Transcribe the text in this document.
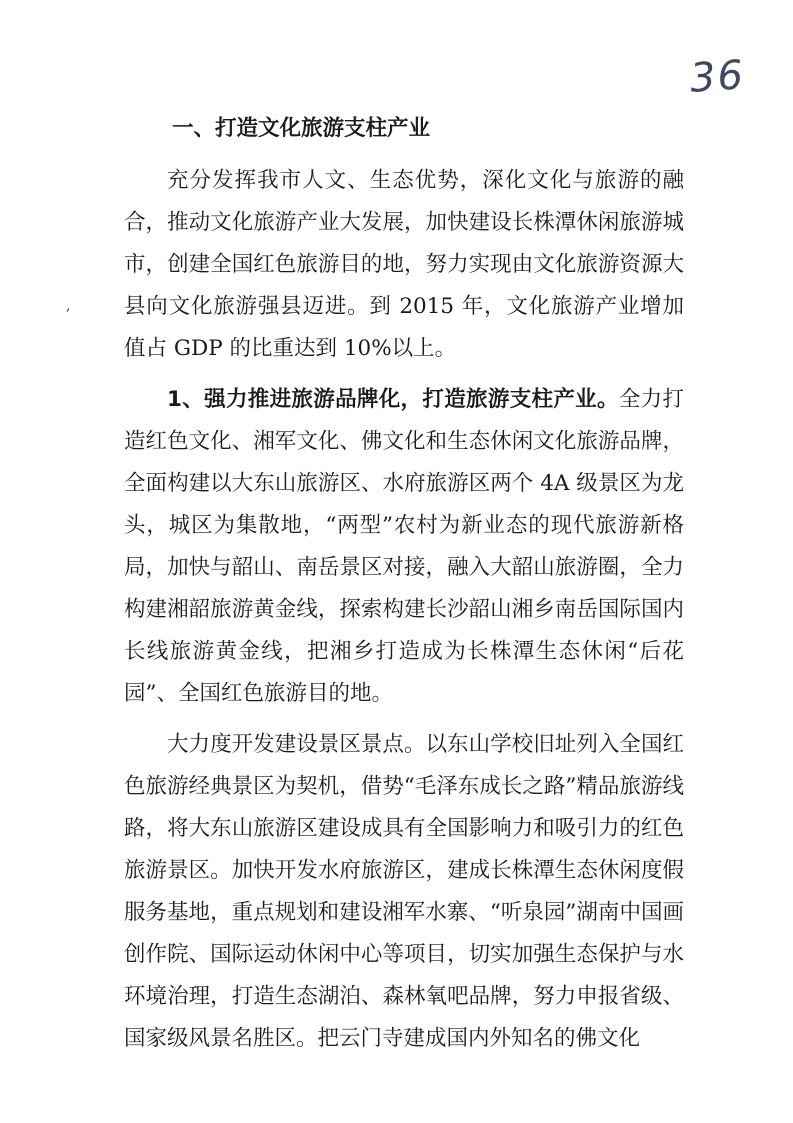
36
,
一、打造文化旅游支柱产业

充分发挥我市人文、生态优势，深化文化与旅游的融合，推动文化旅游产业大发展，加快建设长株潭休闲旅游城市，创建全国红色旅游目的地，努力实现由文化旅游资源大县向文化旅游强县迈进。到 2015 年，文化旅游产业增加值占 GDP 的比重达到 10%以上。

1、强力推进旅游品牌化，打造旅游支柱产业。全力打造红色文化、湘军文化、佛文化和生态休闲文化旅游品牌，全面构建以大东山旅游区、水府旅游区两个 4A 级景区为龙头，城区为集散地，“两型”农村为新业态的现代旅游新格局，加快与韶山、南岳景区对接，融入大韶山旅游圈，全力构建湘韶旅游黄金线，探索构建长沙韶山湘乡南岳国际国内长线旅游黄金线，把湘乡打造成为长株潭生态休闲“后花园”、全国红色旅游目的地。

大力度开发建设景区景点。以东山学校旧址列入全国红色旅游经典景区为契机，借势“毛泽东成长之路”精品旅游线路，将大东山旅游区建设成具有全国影响力和吸引力的红色旅游景区。加快开发水府旅游区，建成长株潭生态休闲度假服务基地，重点规划和建设湘军水寨、“听泉园”湖南中国画创作院、国际运动休闲中心等项目，切实加强生态保护与水环境治理，打造生态湖泊、森林氧吧品牌，努力申报省级、国家级风景名胜区。把云门寺建成国内外知名的佛文化
